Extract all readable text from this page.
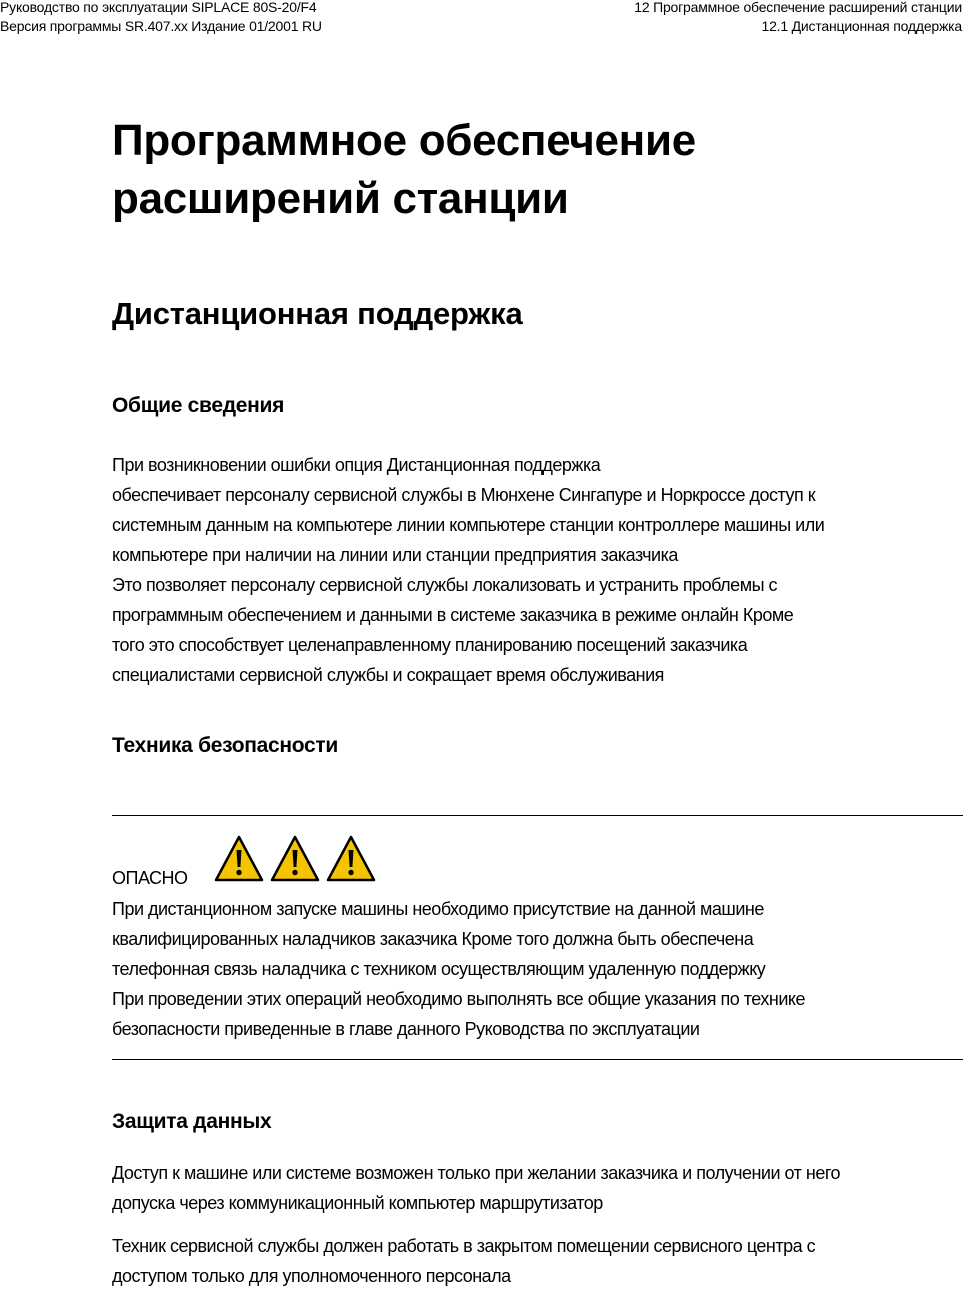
Руководство по эксплуатации SIPLACE 80S-20/F4
Версия программы SR.407.xx Издание 01/2001 RU
12 Программное обеспечение расширений станции
12.1 Дистанционная поддержка
Программное обеспечение
расширений станции
Дистанционная поддержка
Общие сведения
При возникновении ошибки опция Дистанционная поддержка
обеспечивает персоналу сервисной службы в Мюнхене Сингапуре и Норкроссе доступ к
системным данным на компьютере линии компьютере станции контроллере машины или
компьютере при наличии на линии или станции предприятия заказчика
Это позволяет персоналу сервисной службы локализовать и устранить проблемы с
программным обеспечением и данными в системе заказчика в режиме онлайн Кроме
того это способствует целенаправленному планированию посещений заказчика
специалистами сервисной службы и сокращает время обслуживания
Техника безопасности
ОПАСНО
При дистанционном запуске машины необходимо присутствие на данной машине
квалифицированных наладчиков заказчика Кроме того должна быть обеспечена
телефонная связь наладчика с техником осуществляющим удаленную поддержку
При проведении этих операций необходимо выполнять все общие указания по технике
безопасности приведенные в главе данного Руководства по эксплуатации
Защита данных
Доступ к машине или системе возможен только при желании заказчика и получении от него
допуска через коммуникационный компьютер маршрутизатор
Техник сервисной службы должен работать в закрытом помещении сервисного центра с
доступом только для уполномоченного персонала
